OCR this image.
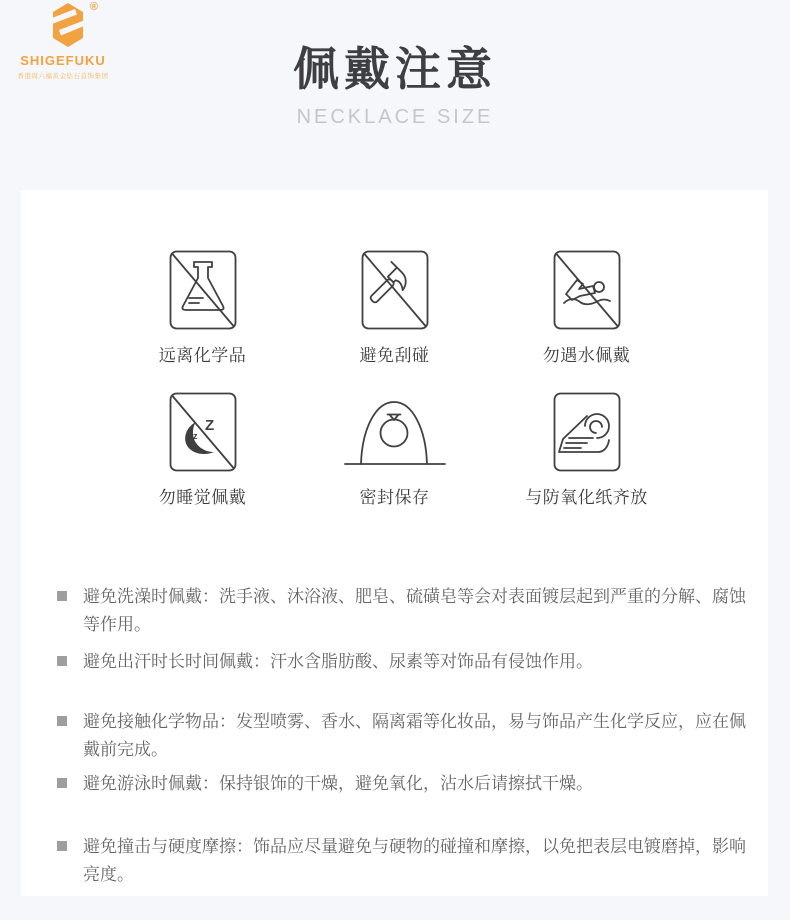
®
SHIGEFUKU
香港周六福黄金钻石首饰集团	佩戴注意
NECKLACE SIZE
远离化学品	避免刮碰	勿遇水佩戴
Z
z
勿睡觉佩戴	密封保存	与防氧化纸齐放
避免洗澡时佩戴：洗手液、沐浴液、肥皂、硫磺皂等会对表面镀层起到严重的分解、腐蚀等作用。
避免出汗时长时间佩戴：汗水含脂肪酸、尿素等对饰品有侵蚀作用。
避免接触化学物品：发型喷雾、香水、隔离霜等化妆品，易与饰品产生化学反应，应在佩戴前完成。
避免游泳时佩戴：保持银饰的干燥，避免氧化，沾水后请擦拭干燥。
避免撞击与硬度摩擦：饰品应尽量避免与硬物的碰撞和摩擦，以免把表层电镀磨掉，影响亮度。
